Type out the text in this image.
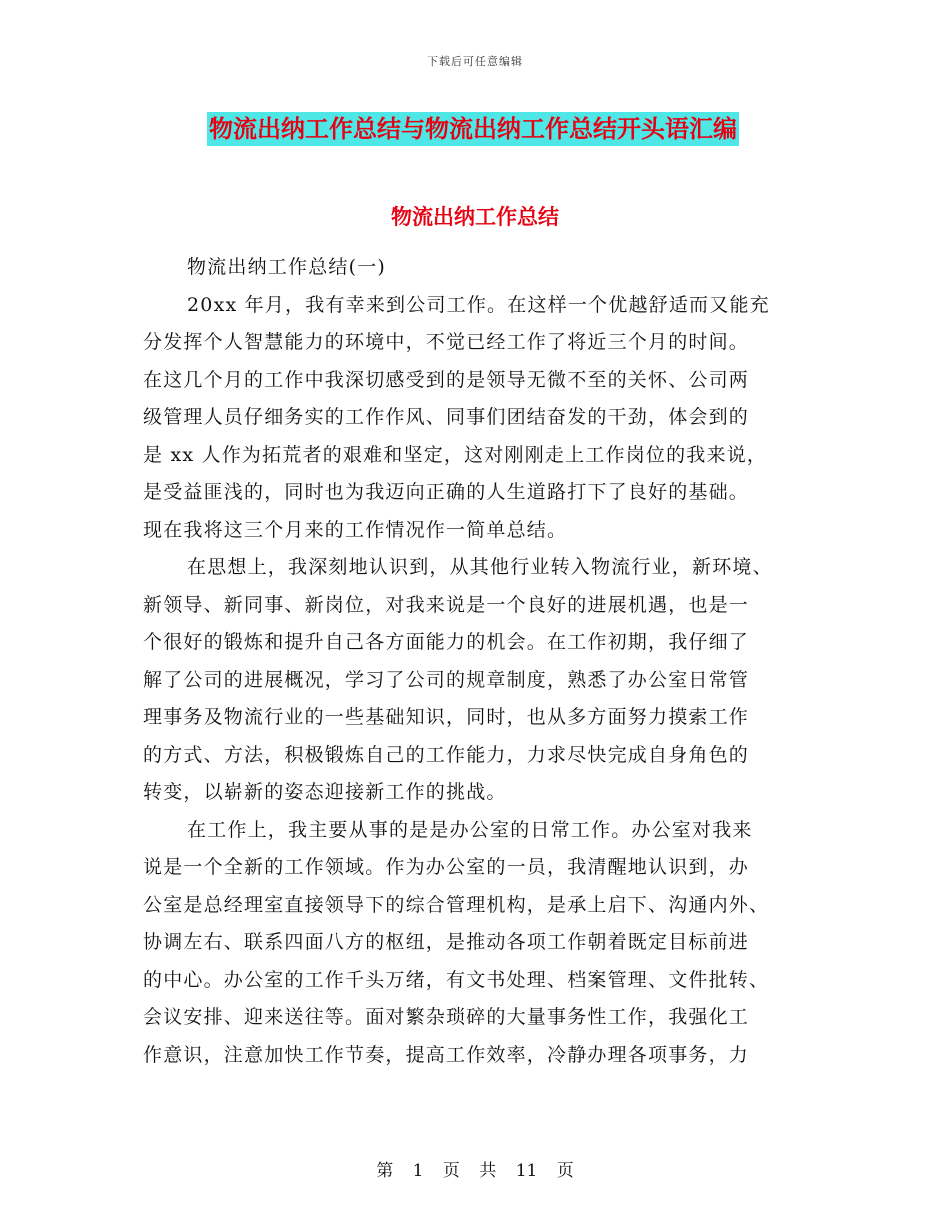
下载后可任意编辑
物流出纳工作总结与物流出纳工作总结开头语汇编
物流出纳工作总结
物流出纳工作总结(一)
20xx 年月，我有幸来到公司工作。在这样一个优越舒适而又能充
分发挥个人智慧能力的环境中，不觉已经工作了将近三个月的时间。
在这几个月的工作中我深切感受到的是领导无微不至的关怀、公司两
级管理人员仔细务实的工作作风、同事们团结奋发的干劲，体会到的
是 xx 人作为拓荒者的艰难和坚定，这对刚刚走上工作岗位的我来说，
是受益匪浅的，同时也为我迈向正确的人生道路打下了良好的基础。
现在我将这三个月来的工作情况作一简单总结。
在思想上，我深刻地认识到，从其他行业转入物流行业，新环境、
新领导、新同事、新岗位，对我来说是一个良好的进展机遇，也是一
个很好的锻炼和提升自己各方面能力的机会。在工作初期，我仔细了
解了公司的进展概况，学习了公司的规章制度，熟悉了办公室日常管
理事务及物流行业的一些基础知识，同时，也从多方面努力摸索工作
的方式、方法，积极锻炼自己的工作能力，力求尽快完成自身角色的
转变，以崭新的姿态迎接新工作的挑战。
在工作上，我主要从事的是是办公室的日常工作。办公室对我来
说是一个全新的工作领域。作为办公室的一员，我清醒地认识到，办
公室是总经理室直接领导下的综合管理机构，是承上启下、沟通内外、
协调左右、联系四面八方的枢纽，是推动各项工作朝着既定目标前进
的中心。办公室的工作千头万绪，有文书处理、档案管理、文件批转、
会议安排、迎来送往等。面对繁杂琐碎的大量事务性工作，我强化工
作意识，注意加快工作节奏，提高工作效率，冷静办理各项事务，力
第 1 页 共 11 页
